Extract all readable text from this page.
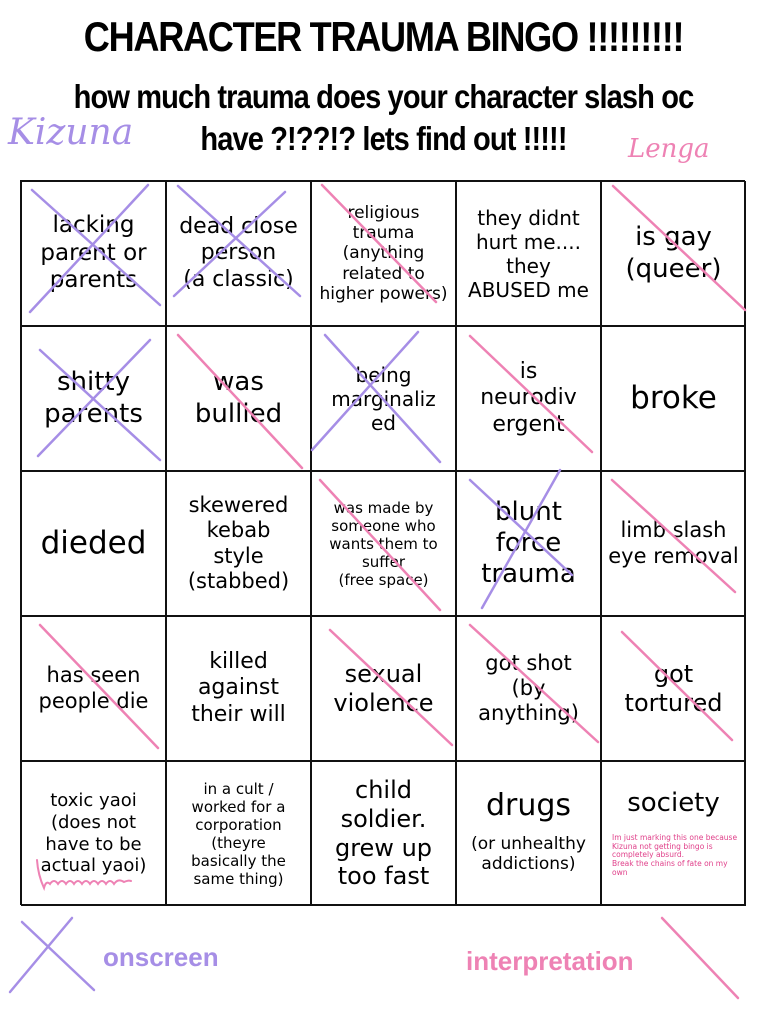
CHARACTER TRAUMA BINGO !!!!!!!!!
how much trauma does your character slash oc
have ?!??!? lets find out !!!!!
Kizuna	Lenga
lacking
parent or
parents
dead close
person
(a classic)
religious
trauma
(anything
related to
higher powers)
they didnt
hurt me....
they
ABUSED me
is gay
(queer)
shitty
parents
was
bullied
being
marginaliz
ed
is
neurodiv
ergent
broke
dieded
skewered
kebab
style
(stabbed)
was made by
someone who
wants them to
suffer
(free space)
blunt
force
trauma
limb slash
eye removal
has seen
people die
killed
against
their will
sexual
violence
got shot
(by
anything)
got
tortured
toxic yaoi
(does not
have to be
actual yaoi)
in a cult /
worked for a
corporation
(theyre
basically the
same thing)
child
soldier.
grew up
too fast
drugs
(or unhealthy
addictions)
society
Im just marking this one because
Kizuna not getting bingo is
completely absurd.
Break the chains of fate on my own
onscreen	interpretation
